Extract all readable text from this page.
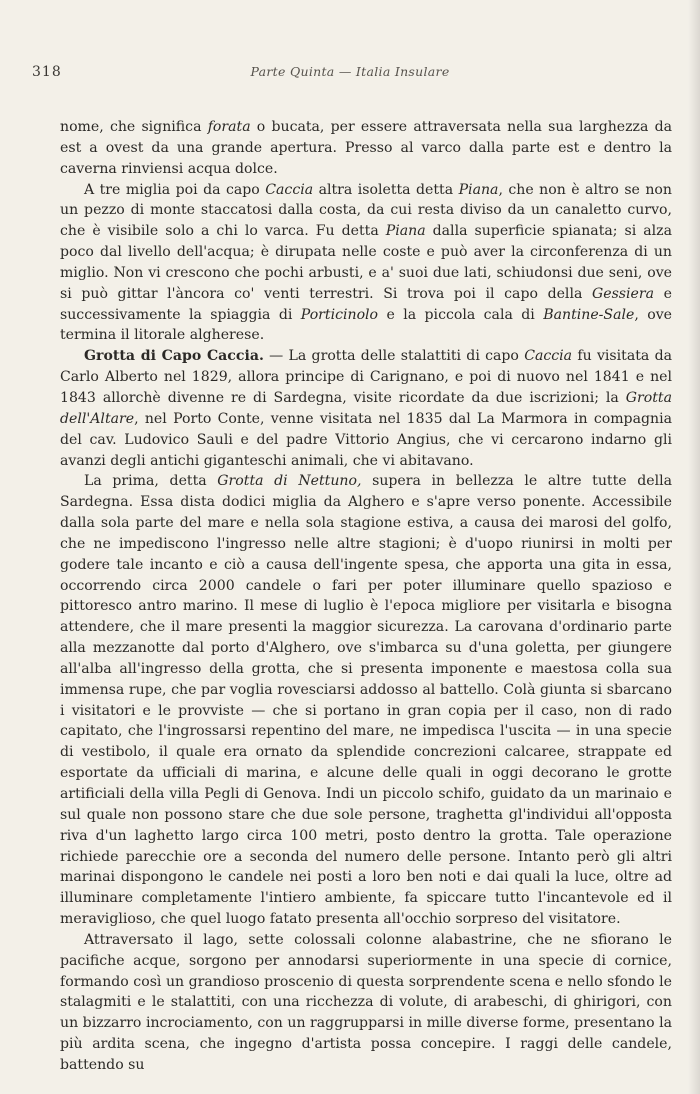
318	Parte Quinta — Italia Insulare

nome, che significa forata o bucata, per essere attraversata nella sua larghezza da est a ovest da una grande apertura. Presso al varco dalla parte est e dentro la caverna rinviensi acqua dolce.

A tre miglia poi da capo Caccia altra isoletta detta Piana, che non è altro se non un pezzo di monte staccatosi dalla costa, da cui resta diviso da un canaletto curvo, che è visibile solo a chi lo varca. Fu detta Piana dalla superficie spianata; si alza poco dal livello dell'acqua; è dirupata nelle coste e può aver la circonferenza di un miglio. Non vi crescono che pochi arbusti, e a' suoi due lati, schiudonsi due seni, ove si può gittar l'àncora co' venti terrestri. Si trova poi il capo della Gessiera e successivamente la spiaggia di Porticinolo e la piccola cala di Bantine-Sale, ove termina il litorale algherese.

Grotta di Capo Caccia. — La grotta delle stalattiti di capo Caccia fu visitata da Carlo Alberto nel 1829, allora principe di Carignano, e poi di nuovo nel 1841 e nel 1843 allorchè divenne re di Sardegna, visite ricordate da due iscrizioni; la Grotta dell'Altare, nel Porto Conte, venne visitata nel 1835 dal La Marmora in compagnia del cav. Ludovico Sauli e del padre Vittorio Angius, che vi cercarono indarno gli avanzi degli antichi giganteschi animali, che vi abitavano.

La prima, detta Grotta di Nettuno, supera in bellezza le altre tutte della Sardegna. Essa dista dodici miglia da Alghero e s'apre verso ponente. Accessibile dalla sola parte del mare e nella sola stagione estiva, a causa dei marosi del golfo, che ne impediscono l'ingresso nelle altre stagioni; è d'uopo riunirsi in molti per godere tale incanto e ciò a causa dell'ingente spesa, che apporta una gita in essa, occorrendo circa 2000 candele o fari per poter illuminare quello spazioso e pittoresco antro marino. Il mese di luglio è l'epoca migliore per visitarla e bisogna attendere, che il mare presenti la maggior sicurezza. La carovana d'ordinario parte alla mezzanotte dal porto d'Alghero, ove s'imbarca su d'una goletta, per giungere all'alba all'ingresso della grotta, che si presenta imponente e maestosa colla sua immensa rupe, che par voglia rovesciarsi addosso al battello. Colà giunta si sbarcano i visitatori e le provviste — che si portano in gran copia per il caso, non di rado capitato, che l'ingrossarsi repentino del mare, ne impedisca l'uscita — in una specie di vestibolo, il quale era ornato da splendide concrezioni calcaree, strappate ed esportate da ufficiali di marina, e alcune delle quali in oggi decorano le grotte artificiali della villa Pegli di Genova. Indi un piccolo schifo, guidato da un marinaio e sul quale non possono stare che due sole persone, traghetta gl'individui all'opposta riva d'un laghetto largo circa 100 metri, posto dentro la grotta. Tale operazione richiede parecchie ore a seconda del numero delle persone. Intanto però gli altri marinai dispongono le candele nei posti a loro ben noti e dai quali la luce, oltre ad illuminare completamente l'intiero ambiente, fa spiccare tutto l'incantevole ed il meraviglioso, che quel luogo fatato presenta all'occhio sorpreso del visitatore.

Attraversato il lago, sette colossali colonne alabastrine, che ne sfiorano le pacifiche acque, sorgono per annodarsi superiormente in una specie di cornice, formando così un grandioso proscenio di questa sorprendente scena e nello sfondo le stalagmiti e le stalattiti, con una ricchezza di volute, di arabeschi, di ghirigori, con un bizzarro incrociamento, con un raggrupparsi in mille diverse forme, presentano la più ardita scena, che ingegno d'artista possa concepire. I raggi delle candele, battendo su
